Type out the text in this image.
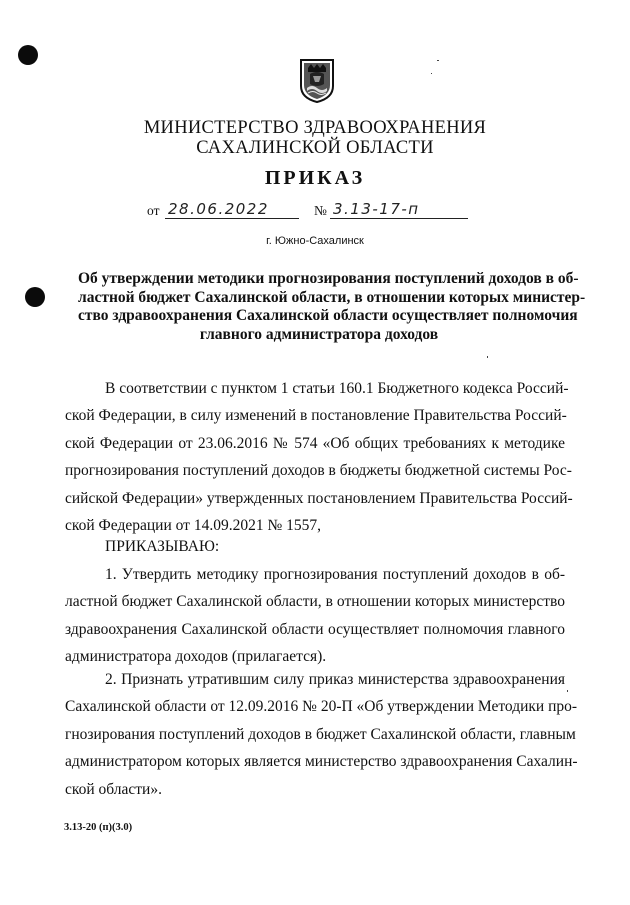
МИНИСТЕРСТВО ЗДРАВООХРАНЕНИЯ
САХАЛИНСКОЙ ОБЛАСТИ
ПРИКАЗ
от 28.06.2022	№ 3.13-17-п
г. Южно-Сахалинск
Об утверждении методики прогнозирования поступлений доходов в об-
ластной бюджет Сахалинской области, в отношении которых министер-
ство здравоохранения Сахалинской области осуществляет полномочия
главного администратора доходов
В соответствии с пунктом 1 статьи 160.1 Бюджетного кодекса Россий-
ской Федерации, в силу изменений в постановление Правительства Россий-
ской Федерации от 23.06.2016 № 574 «Об общих требованиях к методике
прогнозирования поступлений доходов в бюджеты бюджетной системы Рос-
сийской Федерации» утвержденных постановлением Правительства Россий-
ской Федерации от 14.09.2021 № 1557,
ПРИКАЗЫВАЮ:
1. Утвердить методику прогнозирования поступлений доходов в об-
ластной бюджет Сахалинской области, в отношении которых министерство
здравоохранения Сахалинской области осуществляет полномочия главного
администратора доходов (прилагается).
2. Признать утратившим силу приказ министерства здравоохранения
Сахалинской области от 12.09.2016 № 20-П «Об утверждении Методики про-
гнозирования поступлений доходов в бюджет Сахалинской области, главным
администратором которых является министерство здравоохранения Сахалин-
ской области».
3.13-20 (п)(3.0)
